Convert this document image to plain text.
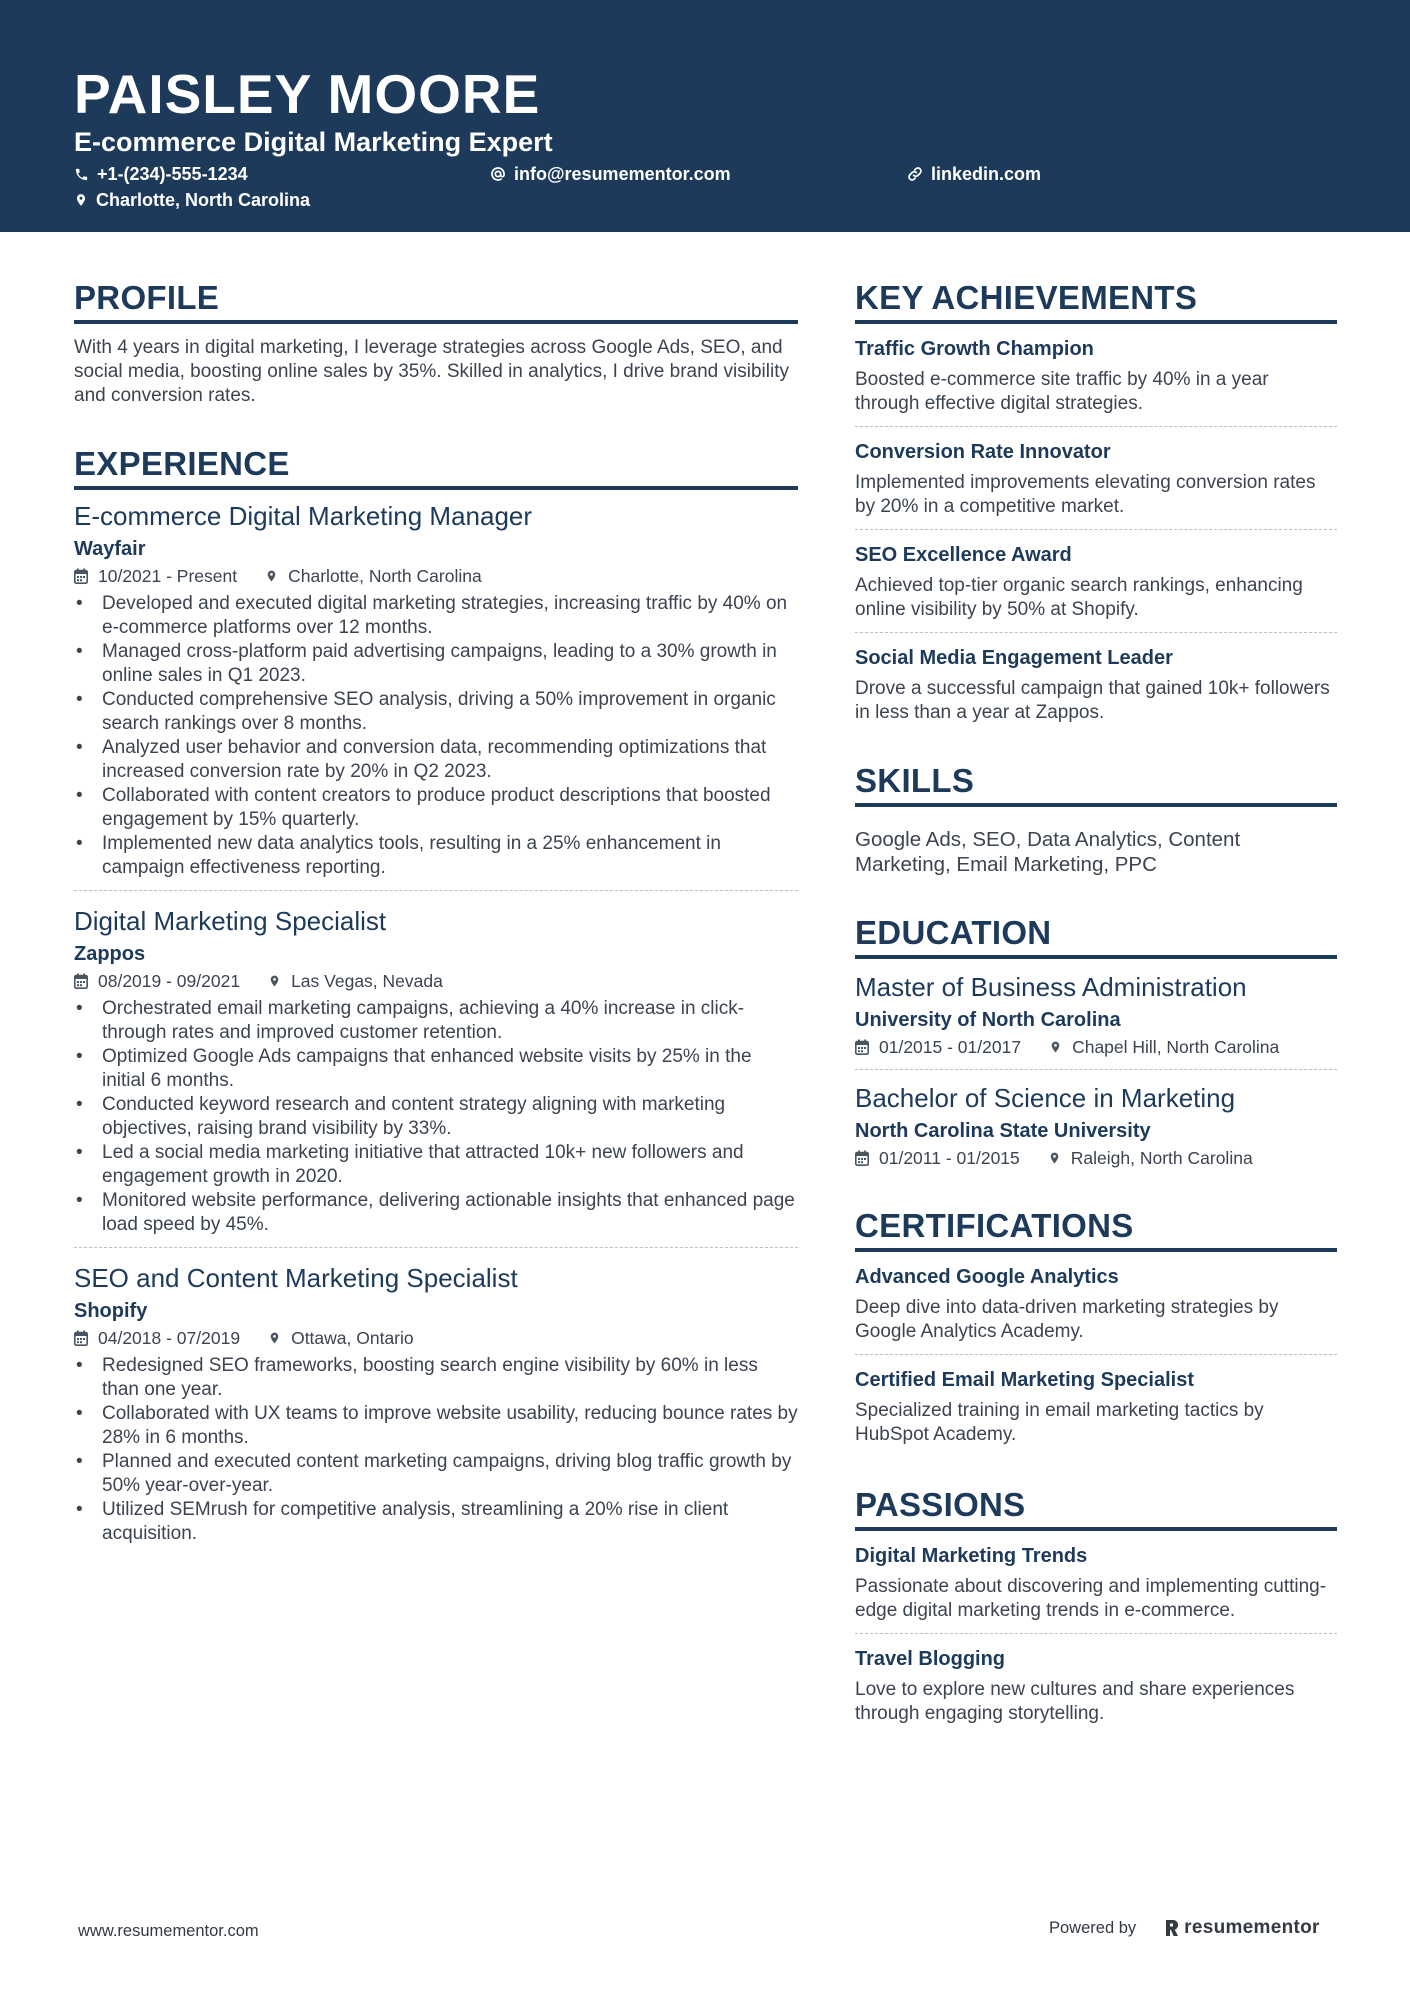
PAISLEY MOORE
E-commerce Digital Marketing Expert
+1-(234)-555-1234	info@resumementor.com	linkedin.com
Charlotte, North Carolina
PROFILE
With 4 years in digital marketing, I leverage strategies across Google Ads, SEO, and social media, boosting online sales by 35%. Skilled in analytics, I drive brand visibility and conversion rates.
EXPERIENCE
E-commerce Digital Marketing Manager
Wayfair
10/2021 - Present	Charlotte, North Carolina
• Developed and executed digital marketing strategies, increasing traffic by 40% on e-commerce platforms over 12 months.
• Managed cross-platform paid advertising campaigns, leading to a 30% growth in online sales in Q1 2023.
• Conducted comprehensive SEO analysis, driving a 50% improvement in organic search rankings over 8 months.
• Analyzed user behavior and conversion data, recommending optimizations that increased conversion rate by 20% in Q2 2023.
• Collaborated with content creators to produce product descriptions that boosted engagement by 15% quarterly.
• Implemented new data analytics tools, resulting in a 25% enhancement in campaign effectiveness reporting.
Digital Marketing Specialist
Zappos
08/2019 - 09/2021	Las Vegas, Nevada
• Orchestrated email marketing campaigns, achieving a 40% increase in click-through rates and improved customer retention.
• Optimized Google Ads campaigns that enhanced website visits by 25% in the initial 6 months.
• Conducted keyword research and content strategy aligning with marketing objectives, raising brand visibility by 33%.
• Led a social media marketing initiative that attracted 10k+ new followers and engagement growth in 2020.
• Monitored website performance, delivering actionable insights that enhanced page load speed by 45%.
SEO and Content Marketing Specialist
Shopify
04/2018 - 07/2019	Ottawa, Ontario
• Redesigned SEO frameworks, boosting search engine visibility by 60% in less than one year.
• Collaborated with UX teams to improve website usability, reducing bounce rates by 28% in 6 months.
• Planned and executed content marketing campaigns, driving blog traffic growth by 50% year-over-year.
• Utilized SEMrush for competitive analysis, streamlining a 20% rise in client acquisition.
KEY ACHIEVEMENTS
Traffic Growth Champion
Boosted e-commerce site traffic by 40% in a year through effective digital strategies.
Conversion Rate Innovator
Implemented improvements elevating conversion rates by 20% in a competitive market.
SEO Excellence Award
Achieved top-tier organic search rankings, enhancing online visibility by 50% at Shopify.
Social Media Engagement Leader
Drove a successful campaign that gained 10k+ followers in less than a year at Zappos.
SKILLS
Google Ads, SEO, Data Analytics, Content Marketing, Email Marketing, PPC
EDUCATION
Master of Business Administration
University of North Carolina
01/2015 - 01/2017	Chapel Hill, North Carolina
Bachelor of Science in Marketing
North Carolina State University
01/2011 - 01/2015	Raleigh, North Carolina
CERTIFICATIONS
Advanced Google Analytics
Deep dive into data-driven marketing strategies by Google Analytics Academy.
Certified Email Marketing Specialist
Specialized training in email marketing tactics by HubSpot Academy.
PASSIONS
Digital Marketing Trends
Passionate about discovering and implementing cutting-edge digital marketing trends in e-commerce.
Travel Blogging
Love to explore new cultures and share experiences through engaging storytelling.
www.resumementor.com	Powered by	resumementor
